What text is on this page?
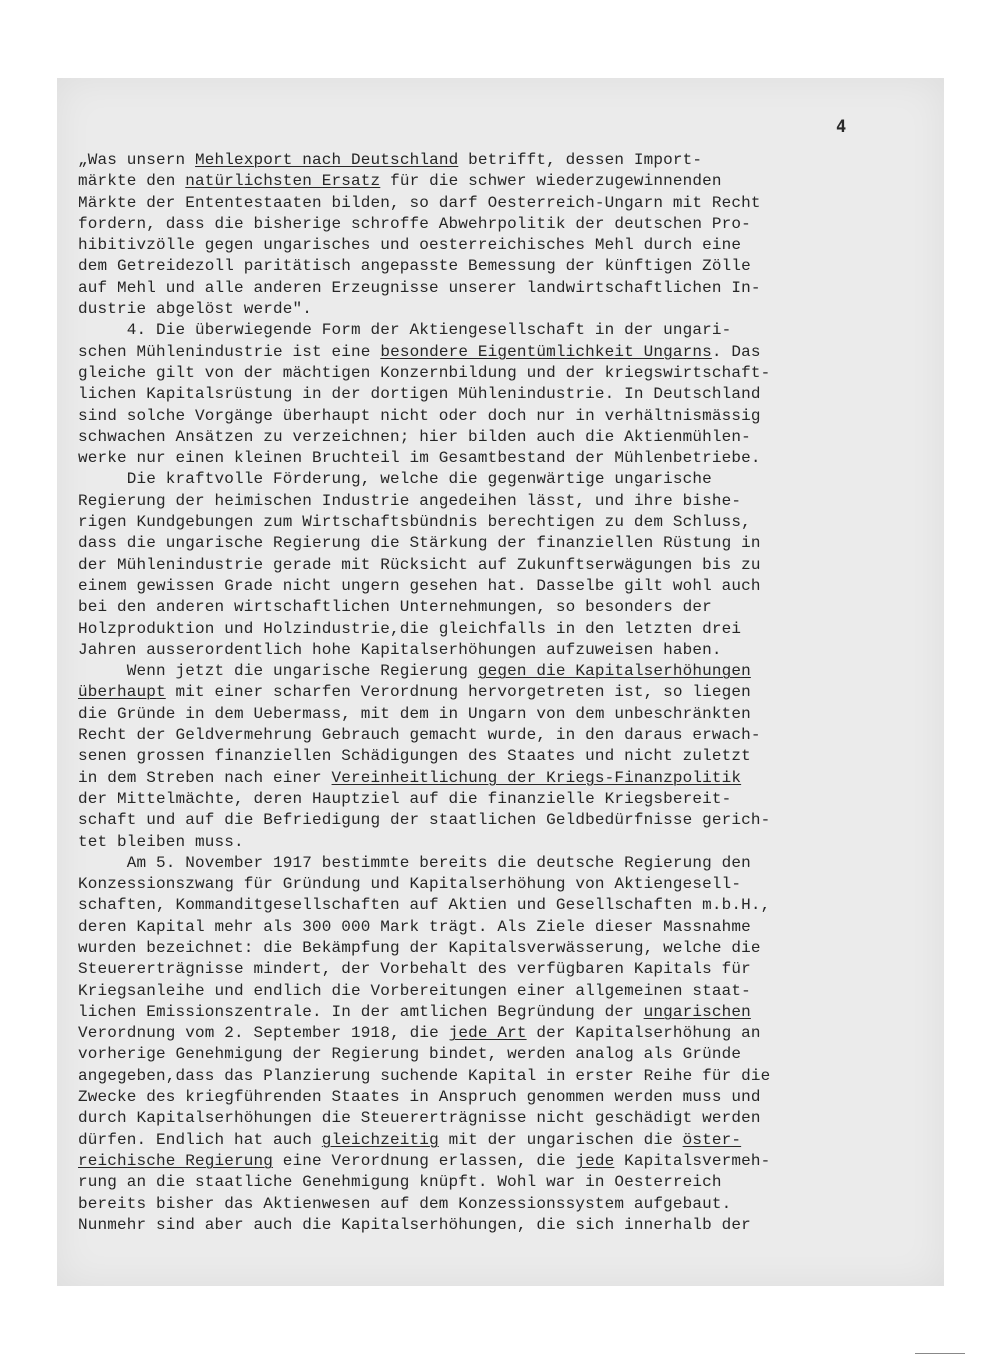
4
„Was unsern Mehlexport nach Deutschland betrifft, dessen Import-
märkte den natürlichsten Ersatz für die schwer wiederzugewinnenden
Märkte der Ententestaaten bilden, so darf Oesterreich-Ungarn mit Recht
fordern, dass die bisherige schroffe Abwehrpolitik der deutschen Pro-
hibitivzölle gegen ungarisches und oesterreichisches Mehl durch eine
dem Getreidezoll paritätisch angepasste Bemessung der künftigen Zölle
auf Mehl und alle anderen Erzeugnisse unserer landwirtschaftlichen In-
dustrie abgelöst werde".
4. Die überwiegende Form der Aktiengesellschaft in der ungari-
schen Mühlenindustrie ist eine besondere Eigentümlichkeit Ungarns. Das
gleiche gilt von der mächtigen Konzernbildung und der kriegswirtschaft-
lichen Kapitalsrüstung in der dortigen Mühlenindustrie. In Deutschland
sind solche Vorgänge überhaupt nicht oder doch nur in verhältnismässig
schwachen Ansätzen zu verzeichnen; hier bilden auch die Aktienmühlen-
werke nur einen kleinen Bruchteil im Gesamtbestand der Mühlenbetriebe.
Die kraftvolle Förderung, welche die gegenwärtige ungarische
Regierung der heimischen Industrie angedeihen lässt, und ihre bishe-
rigen Kundgebungen zum Wirtschaftsbündnis berechtigen zu dem Schluss,
dass die ungarische Regierung die Stärkung der finanziellen Rüstung in
der Mühlenindustrie gerade mit Rücksicht auf Zukunftserwägungen bis zu
einem gewissen Grade nicht ungern gesehen hat. Dasselbe gilt wohl auch
bei den anderen wirtschaftlichen Unternehmungen, so besonders der
Holzproduktion und Holzindustrie,die gleichfalls in den letzten drei
Jahren ausserordentlich hohe Kapitalserhöhungen aufzuweisen haben.
Wenn jetzt die ungarische Regierung gegen die Kapitalserhöhungen
überhaupt mit einer scharfen Verordnung hervorgetreten ist, so liegen
die Gründe in dem Uebermass, mit dem in Ungarn von dem unbeschränkten
Recht der Geldvermehrung Gebrauch gemacht wurde, in den daraus erwach-
senen grossen finanziellen Schädigungen des Staates und nicht zuletzt
in dem Streben nach einer Vereinheitlichung der Kriegs-Finanzpolitik
der Mittelmächte, deren Hauptziel auf die finanzielle Kriegsbereit-
schaft und auf die Befriedigung der staatlichen Geldbedürfnisse gerich-
tet bleiben muss.
Am 5. November 1917 bestimmte bereits die deutsche Regierung den
Konzessionszwang für Gründung und Kapitalserhöhung von Aktiengesell-
schaften, Kommanditgesellschaften auf Aktien und Gesellschaften m.b.H.,
deren Kapital mehr als 300 000 Mark trägt. Als Ziele dieser Massnahme
wurden bezeichnet: die Bekämpfung der Kapitalsverwässerung, welche die
Steuererträgnisse mindert, der Vorbehalt des verfügbaren Kapitals für
Kriegsanleihe und endlich die Vorbereitungen einer allgemeinen staat-
lichen Emissionszentrale. In der amtlichen Begründung der ungarischen
Verordnung vom 2. September 1918, die jede Art der Kapitalserhöhung an
vorherige Genehmigung der Regierung bindet, werden analog als Gründe
angegeben,dass das Planzierung suchende Kapital in erster Reihe für die
Zwecke des kriegführenden Staates in Anspruch genommen werden muss und
durch Kapitalserhöhungen die Steuererträgnisse nicht geschädigt werden
dürfen. Endlich hat auch gleichzeitig mit der ungarischen die öster-
reichische Regierung eine Verordnung erlassen, die jede Kapitalsvermeh-
rung an die staatliche Genehmigung knüpft. Wohl war in Oesterreich
bereits bisher das Aktienwesen auf dem Konzessionssystem aufgebaut.
Nunmehr sind aber auch die Kapitalserhöhungen, die sich innerhalb der
